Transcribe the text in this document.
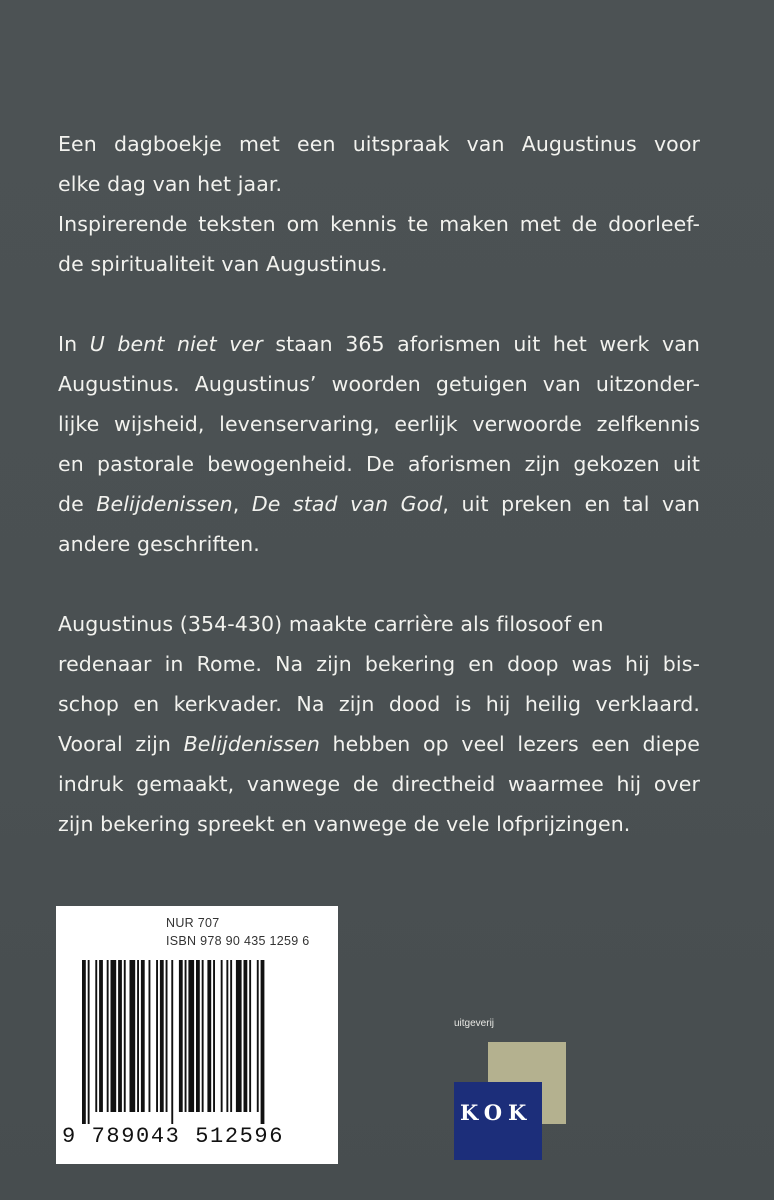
Een dagboekje met een uitspraak van Augustinus voor
elke dag van het jaar.
Inspirerende teksten om kennis te maken met de doorleef-
de spiritualiteit van Augustinus.

In U bent niet ver staan 365 aforismen uit het werk van
Augustinus. Augustinus’ woorden getuigen van uitzonder-
lijke wijsheid, levenservaring, eerlijk verwoorde zelfkennis
en pastorale bewogenheid. De aforismen zijn gekozen uit
de Belijdenissen, De stad van God, uit preken en tal van
andere geschriften.

Augustinus (354-430) maakte carrière als filosoof en
redenaar in Rome. Na zijn bekering en doop was hij bis-
schop en kerkvader. Na zijn dood is hij heilig verklaard.
Vooral zijn Belijdenissen hebben op veel lezers een diepe
indruk gemaakt, vanwege de directheid waarmee hij over
zijn bekering spreekt en vanwege de vele lofprijzingen.

NUR 707
ISBN 978 90 435 1259 6
9 789043 512596
uitgeverij
KOK
